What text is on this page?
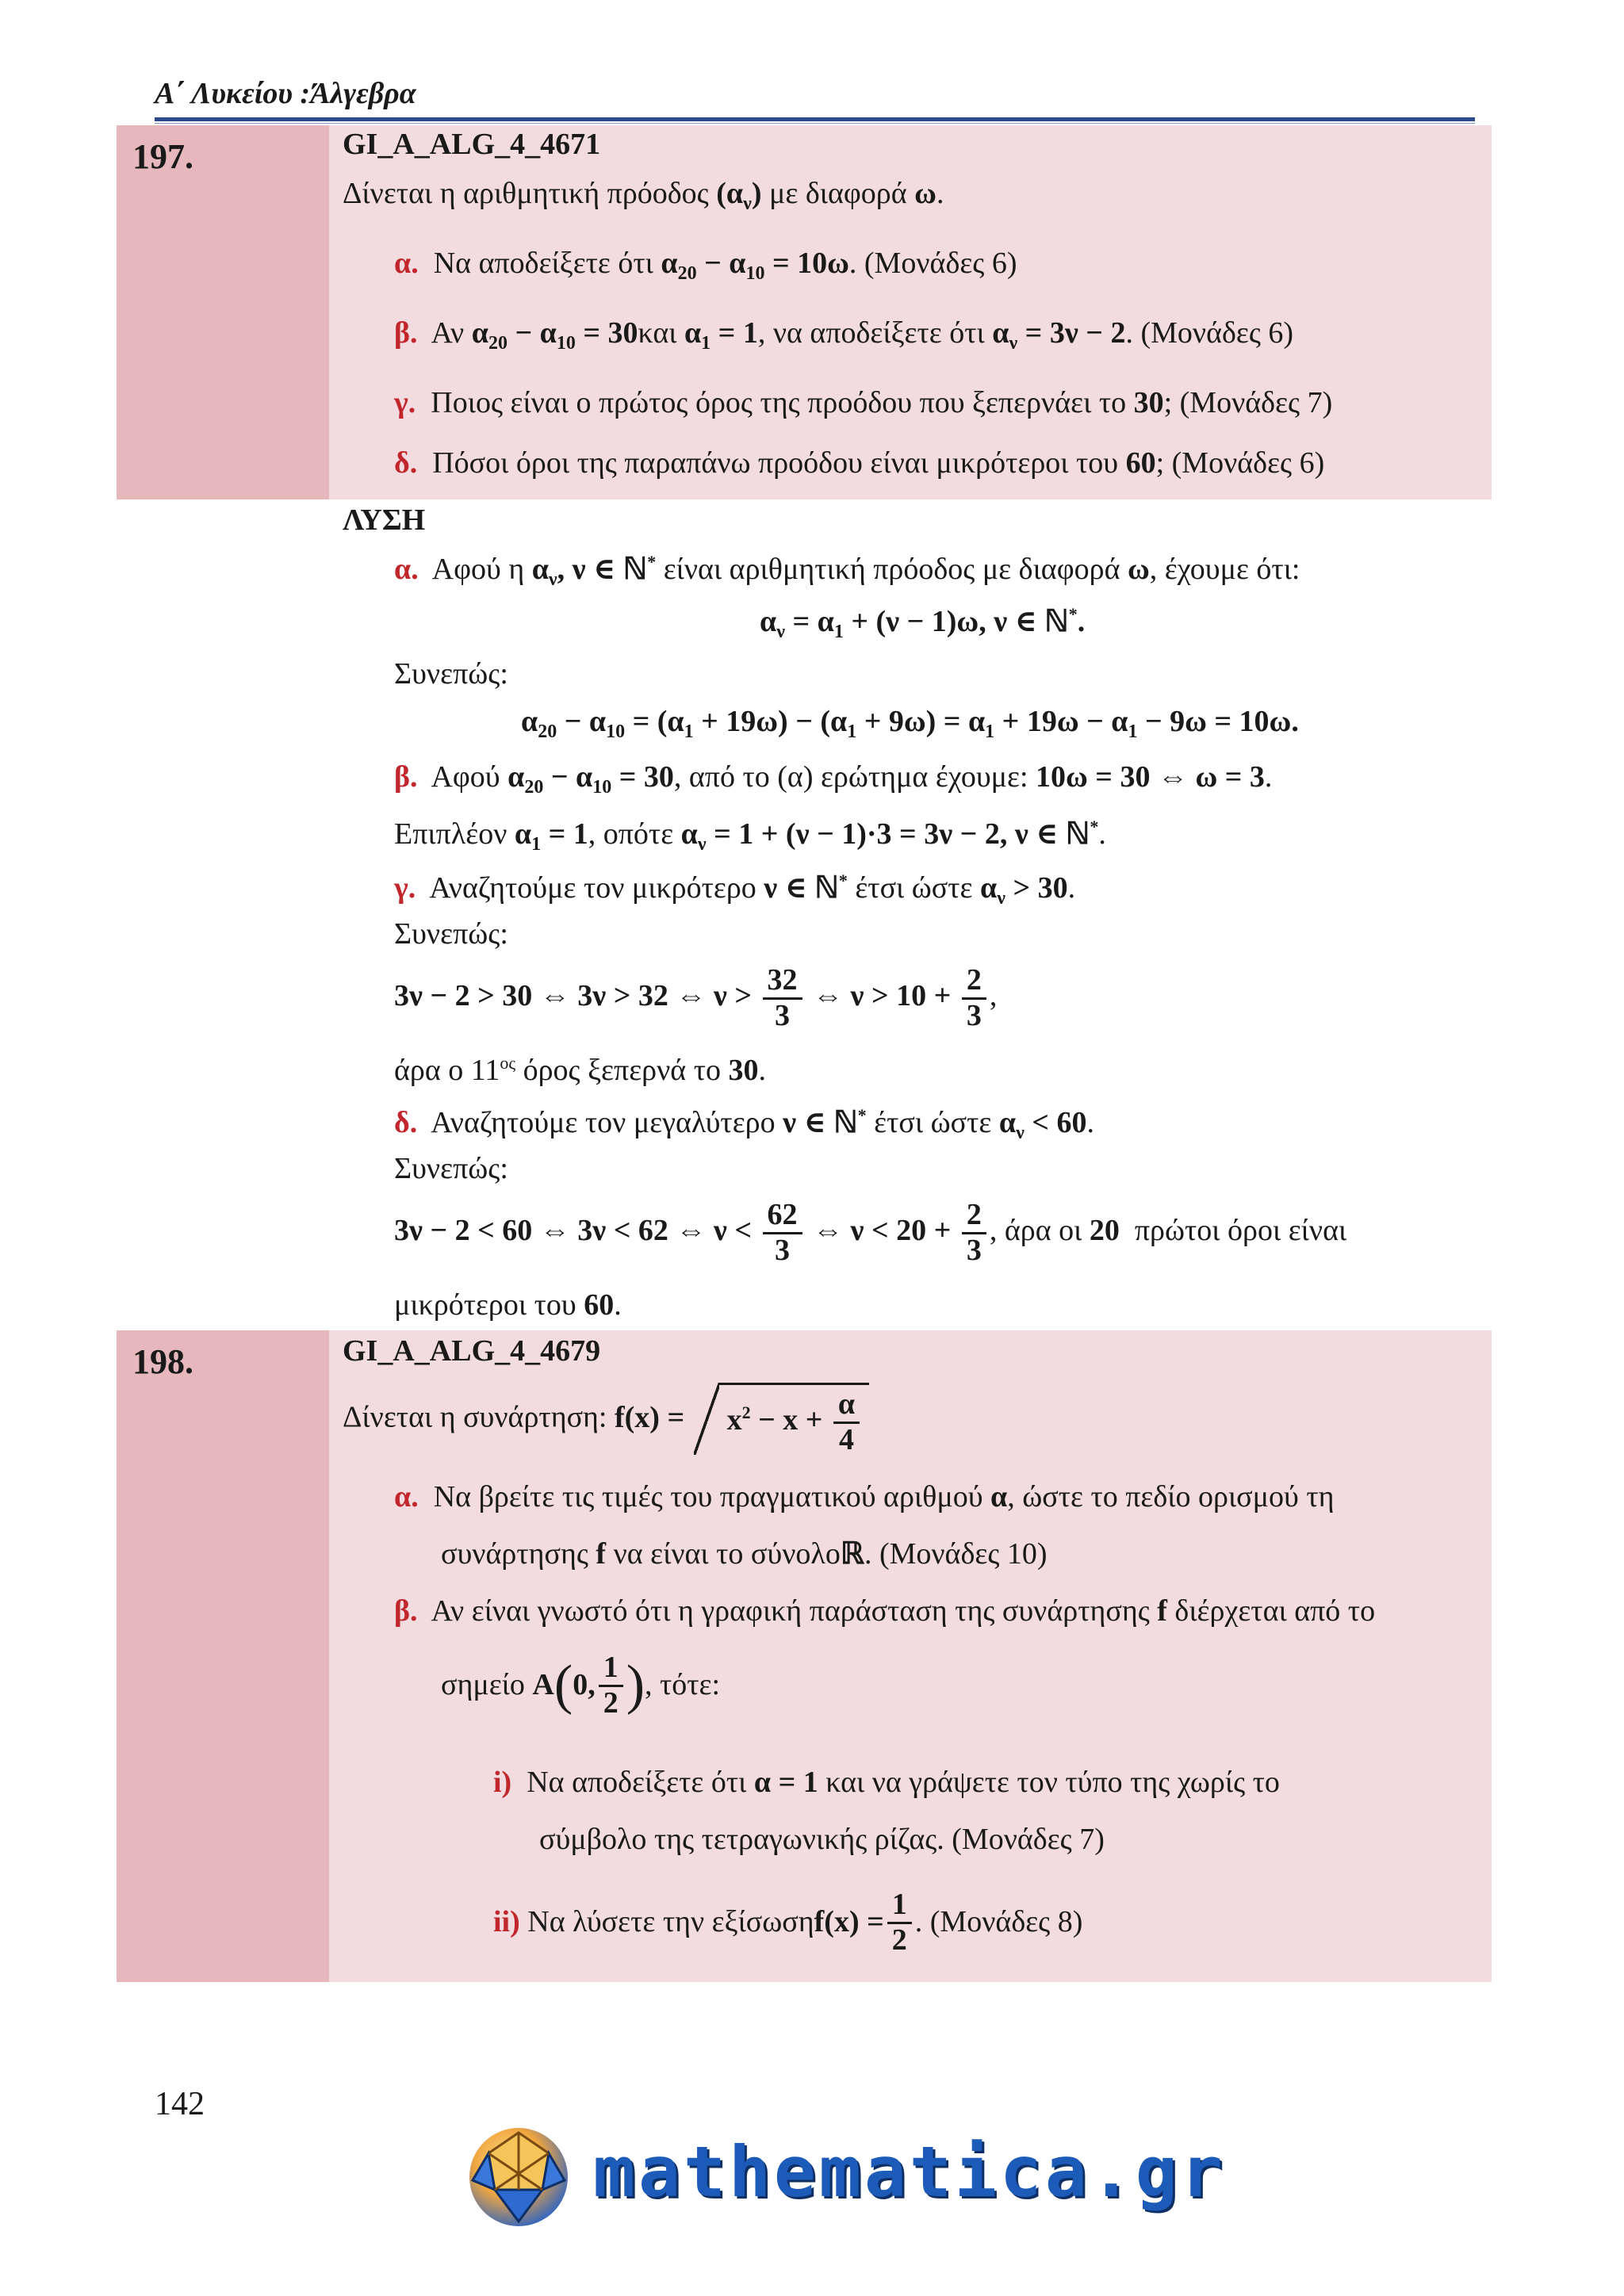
Α΄ Λυκείου :Άλγεβρα
197.	GI_A_ALG_4_4671
Δίνεται η αριθμητική πρόοδος $(\alpha_\nu)$ με διαφορά ω.
α. Να αποδείξετε ότι $\alpha_{20} - \alpha_{10} = 10\omega$. (Μονάδες 6)
β. Αν $\alpha_{20} - \alpha_{10} = 30\kappa\alpha\iota$ $\alpha_1 = 1$, να αποδείξετε ότι $\alpha_\nu = 3\nu - 2$. (Μονάδες 6)
γ. Ποιος είναι ο πρώτος όρος της προόδου που ξεπερνάει το 30; (Μονάδες 7)
δ. Πόσοι όροι της παραπάνω προόδου είναι μικρότεροι του 60; (Μονάδες 6)
ΛΥΣΗ
α. Αφού η $\alpha_\nu$, ν ∈ ℕ* είναι αριθμητική πρόοδος με διαφορά ω, έχουμε ότι:
$\alpha_\nu = \alpha_1 + (\nu - 1)\omega$, ν ∈ ℕ*.
Συνεπώς:
$\alpha_{20} - \alpha_{10} = (\alpha_1 + 19\omega) - (\alpha_1 + 9\omega) = \alpha_1 + 19\omega - \alpha_1 - 9\omega = 10\omega$.
β. Αφού $\alpha_{20} - \alpha_{10} = 30$, από το (α) ερώτημα έχουμε: 10ω = 30 ⇔ ω = 3.
Επιπλέον $\alpha_1 = 1$, οπότε $\alpha_\nu = 1 + (\nu - 1)\cdot 3 = 3\nu - 2$, ν ∈ ℕ*.
γ. Αναζητούμε τον μικρότερο ν ∈ ℕ* έτσι ώστε $\alpha_\nu > 30$.
Συνεπώς:
3ν − 2 > 30 ⇔ 3ν > 32 ⇔ $\nu > \frac{32}{3}$ ⇔ $\nu > 10 + \frac{2}{3}$ ,
άρα ο $11^{o\varsigma}$ όρος ξεπερνά το 30.
δ. Αναζητούμε τον μεγαλύτερο ν ∈ ℕ* έτσι ώστε $\alpha_\nu < 60$.
Συνεπώς:
3ν − 2 < 60 ⇔ 3ν < 62 ⇔ $\nu < \frac{62}{3}$ ⇔ $\nu < 20 + \frac{2}{3}$ , άρα οι 20 πρώτοι όροι είναι
μικρότεροι του 60.
198.	GI_A_ALG_4_4679
Δίνεται η συνάρτηση: $f(x) = x^2 - x + \frac{\alpha}{4}$
α. Να βρείτε τις τιμές του πραγματικού αριθμού α, ώστε το πεδίο ορισμού τη
συνάρτησης f να είναι το σύνολοℝ. (Μονάδες 10)
β. Αν είναι γνωστό ότι η γραφική παράσταση της συνάρτησης f διέρχεται από το
σημείο
A ( 0, $\frac{1}{2}$ ) , τότε:
i) Να αποδείξετε ότι α = 1 και να γράψετε τον τύπο της χωρίς το
σύμβολο της τετραγωνικής ρίζας. (Μονάδες 7)
ii)
Να λύσετε την εξίσωση $f(x) = \frac{1}{2}$ . (Μονάδες 8)
142
mathematica.gr
